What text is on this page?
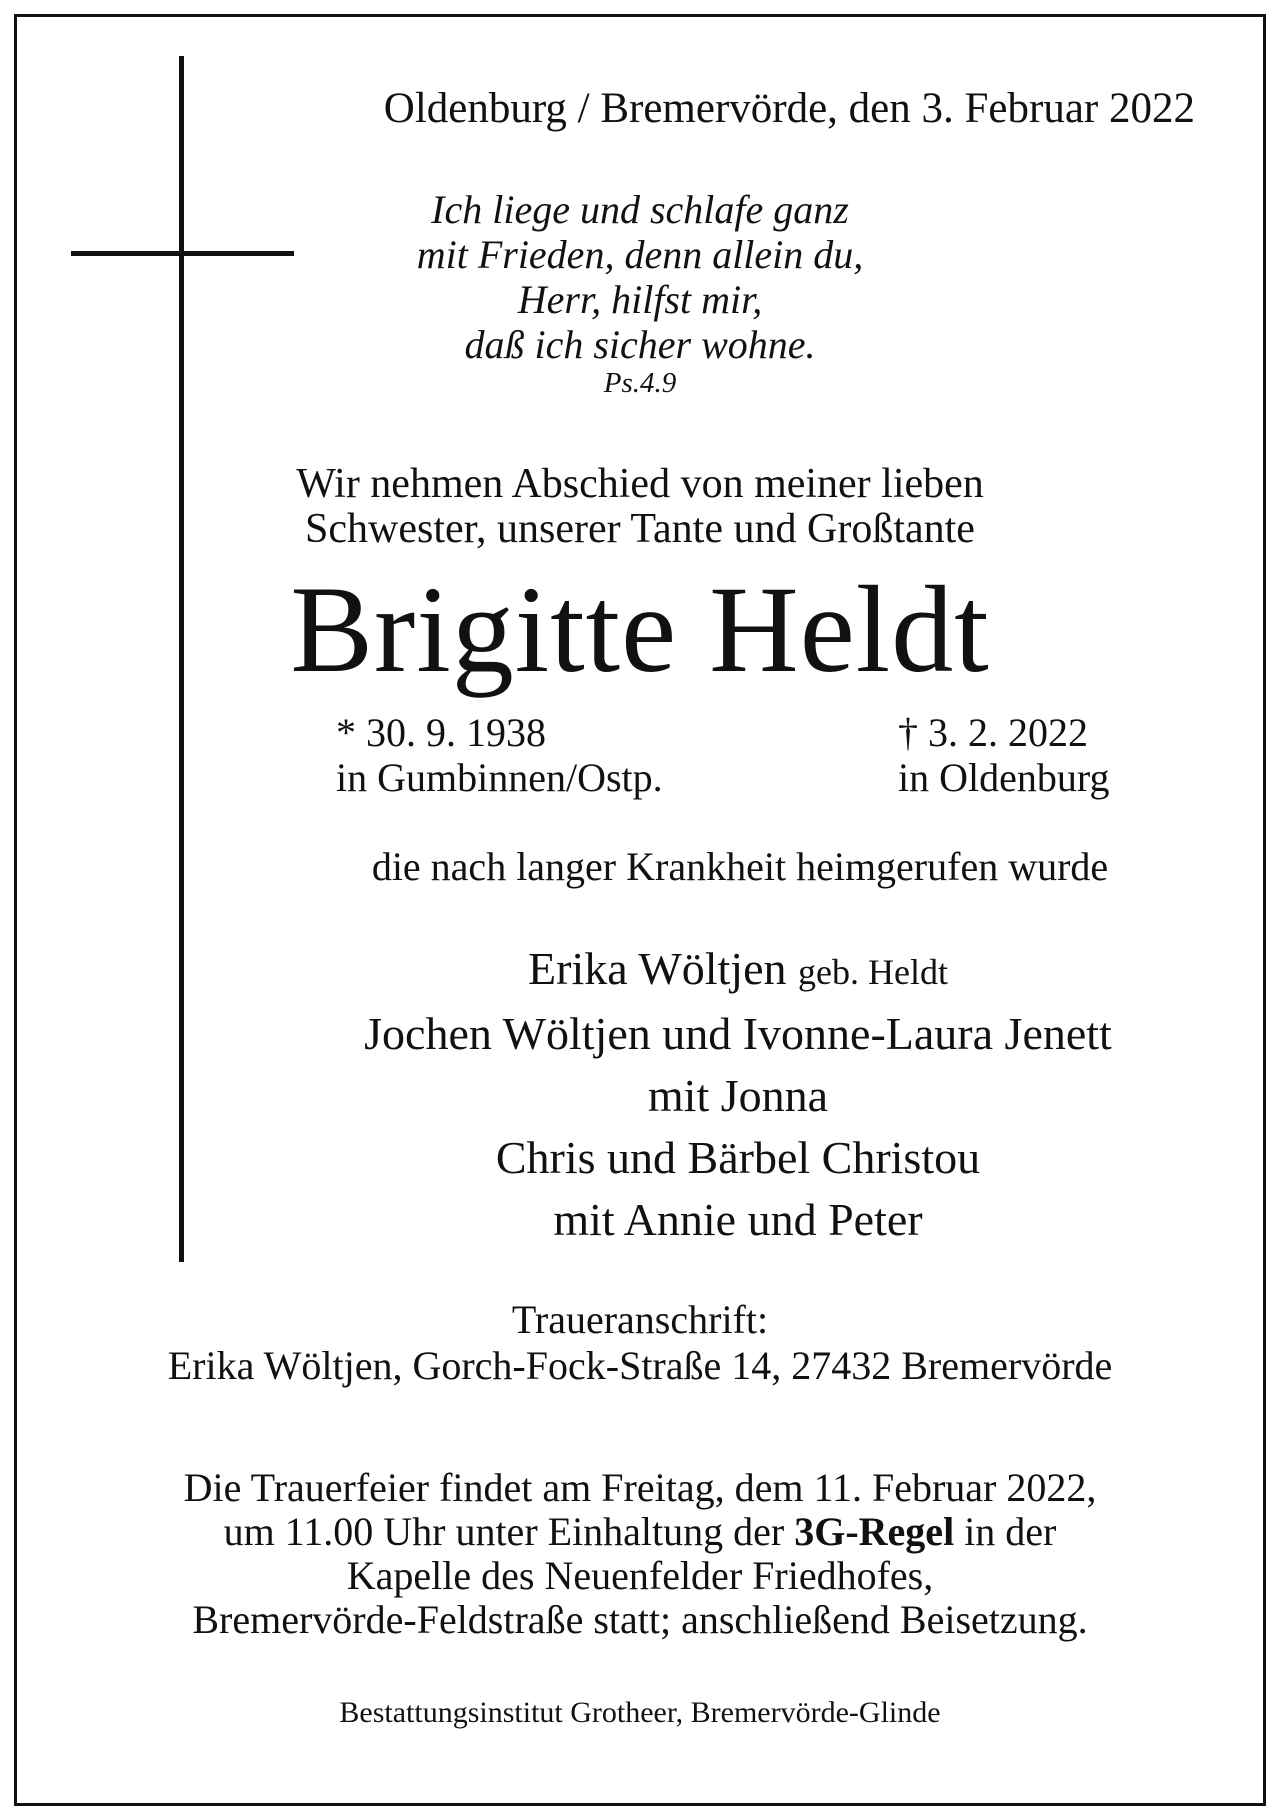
Oldenburg / Bremervörde, den 3. Februar 2022
Ich liege und schlafe ganz
mit Frieden, denn allein du,
Herr, hilfst mir,
daß ich sicher wohne.
Ps.4.9
Wir nehmen Abschied von meiner lieben
Schwester, unserer Tante und Großtante
Brigitte Heldt
* 30. 9. 1938
in Gumbinnen/Ostp.
† 3. 2. 2022
in Oldenburg
die nach langer Krankheit heimgerufen wurde
Erika Wöltjen geb. Heldt
Jochen Wöltjen und Ivonne-Laura Jenett
mit Jonna
Chris und Bärbel Christou
mit Annie und Peter
Traueranschrift:
Erika Wöltjen, Gorch-Fock-Straße 14, 27432 Bremervörde
Die Trauerfeier findet am Freitag, dem 11. Februar 2022,
um 11.00 Uhr unter Einhaltung der 3G-Regel in der
Kapelle des Neuenfelder Friedhofes,
Bremervörde-Feldstraße statt; anschließend Beisetzung.
Bestattungsinstitut Grotheer, Bremervörde-Glinde
